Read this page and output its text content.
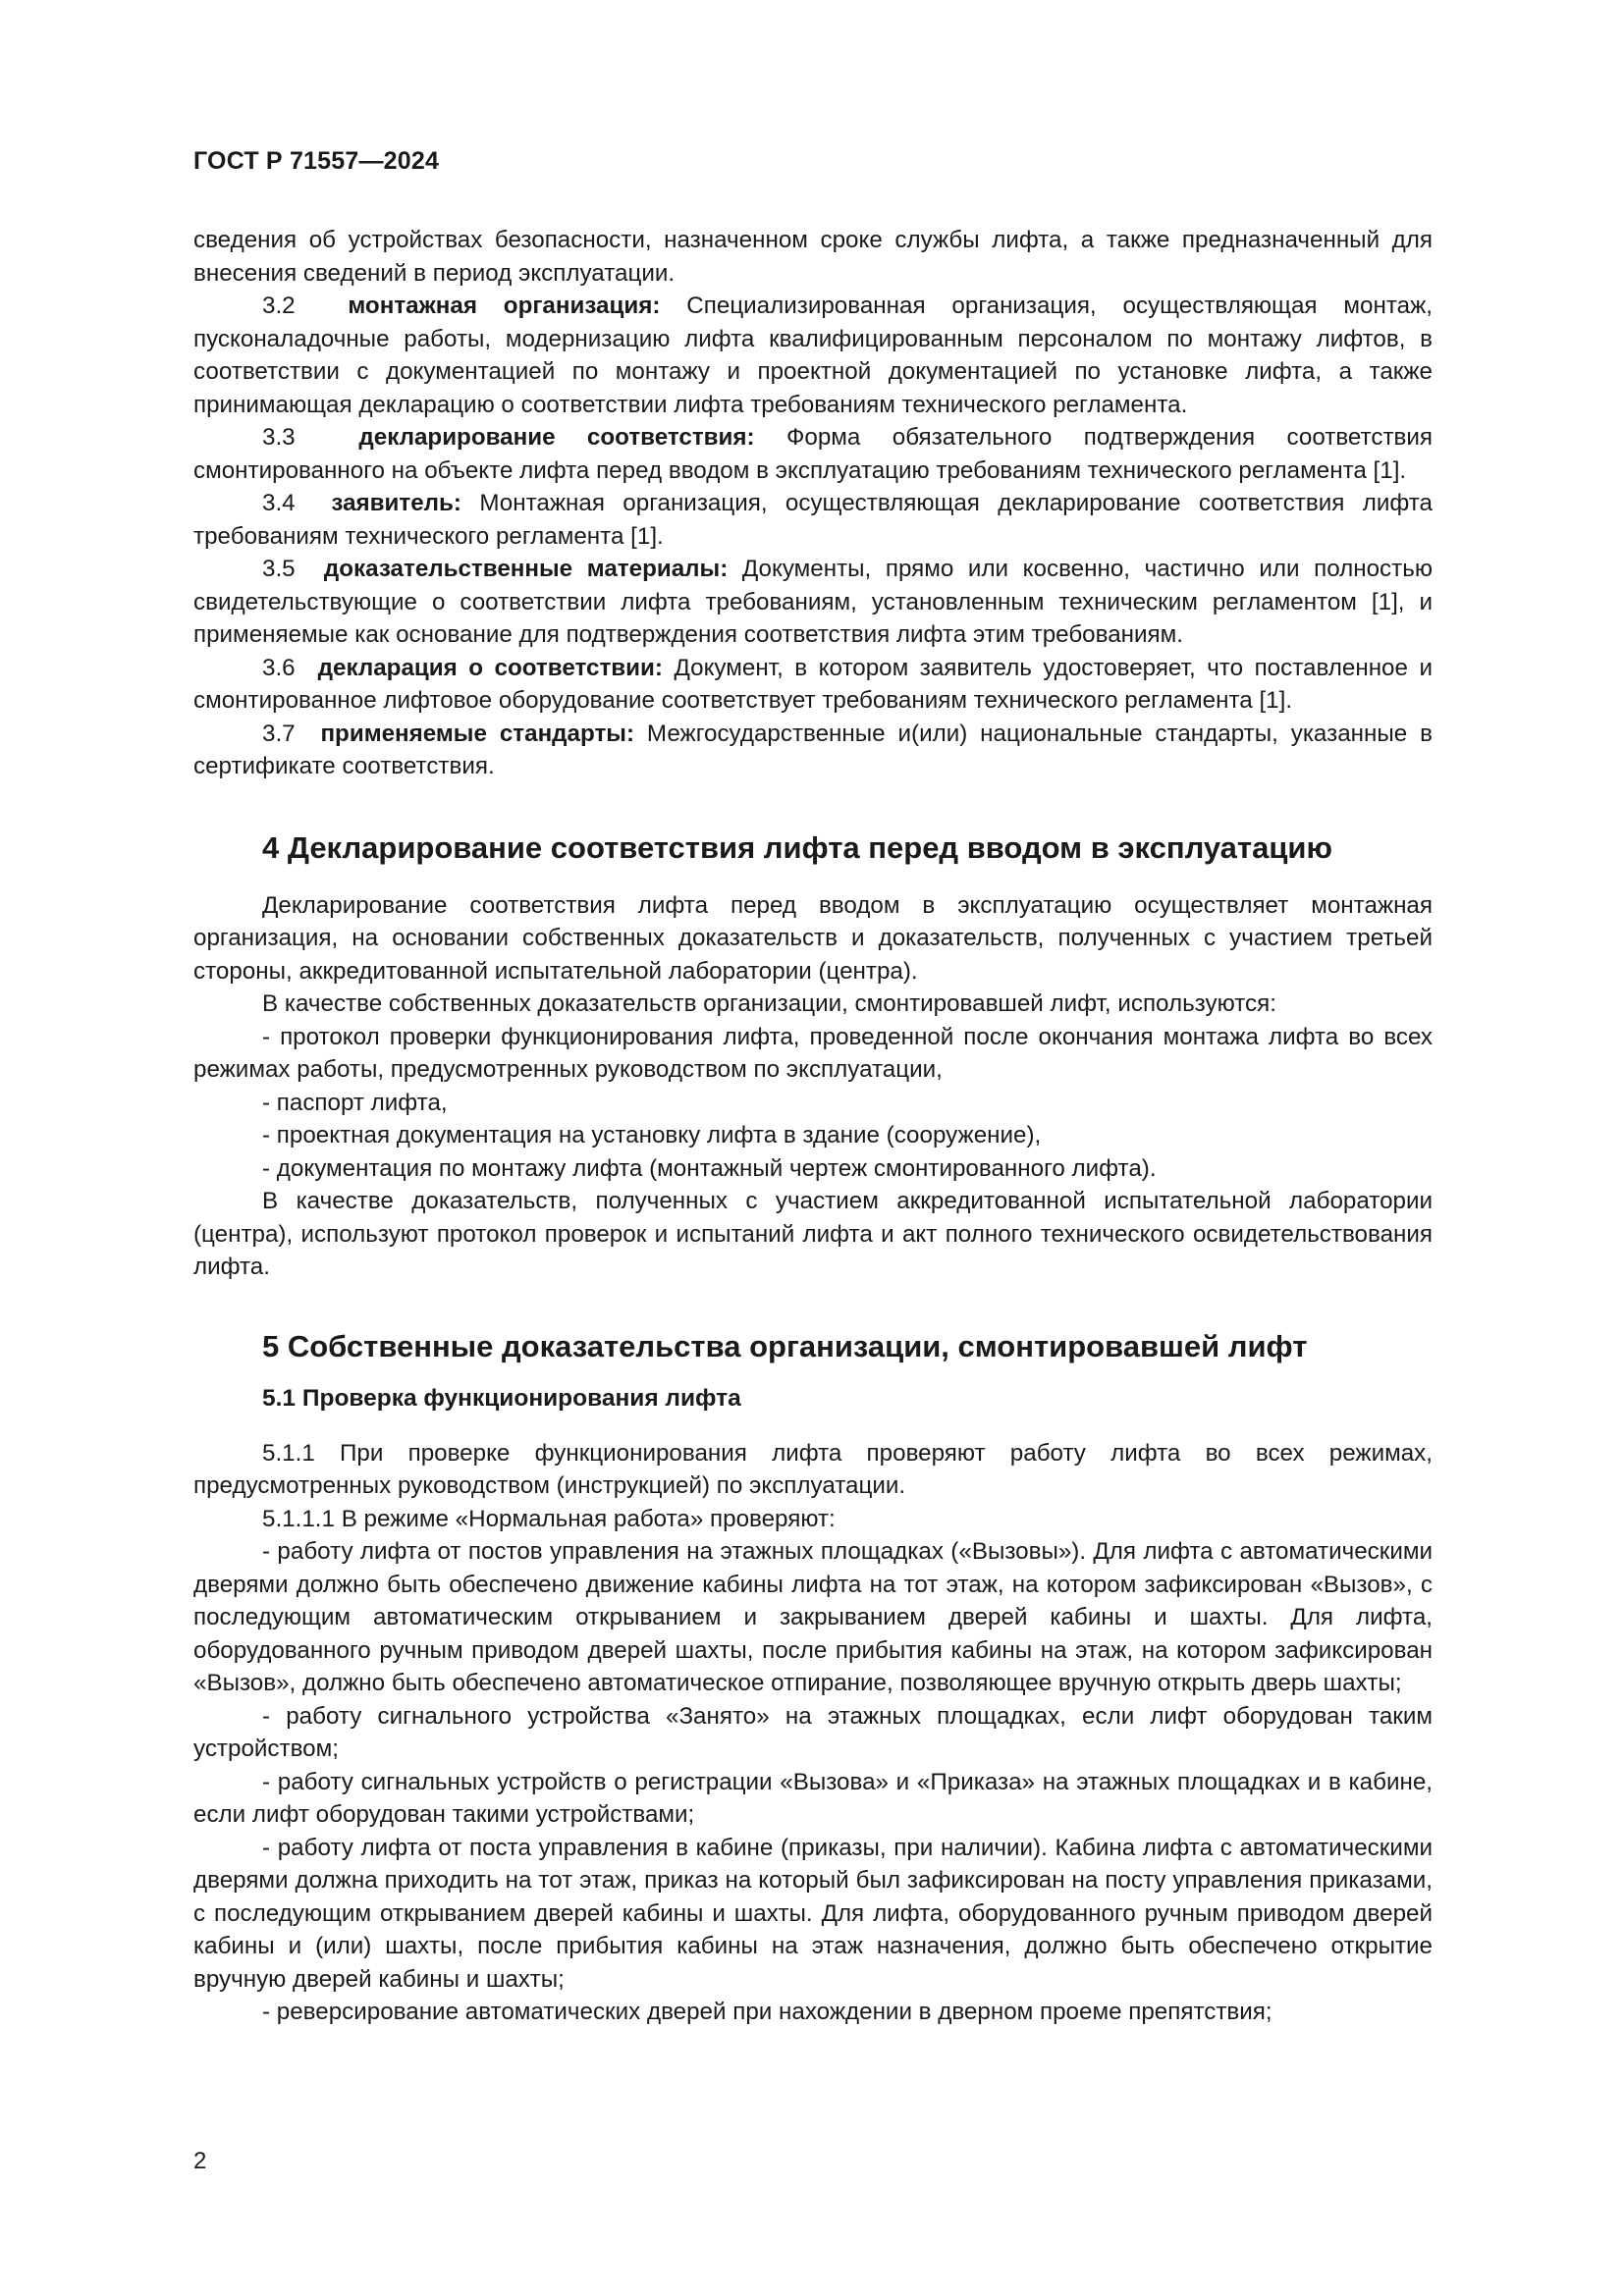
ГОСТ Р 71557—2024

сведения об устройствах безопасности, назначенном сроке службы лифта, а также предназначенный для внесения сведений в период эксплуатации.

3.2 монтажная организация: Специализированная организация, осуществляющая монтаж, пусконаладочные работы, модернизацию лифта квалифицированным персоналом по монтажу лифтов, в соответствии с документацией по монтажу и проектной документацией по установке лифта, а также принимающая декларацию о соответствии лифта требованиям технического регламента.

3.3	декларирование соответствия: Форма обязательного подтверждения соответствия смонтированного на объекте лифта перед вводом в эксплуатацию требованиям технического регламента [1].

3.4 заявитель: Монтажная организация, осуществляющая декларирование соответствия лифта требованиям технического регламента [1].

3.5 доказательственные материалы: Документы, прямо или косвенно, частично или полностью свидетельствующие о соответствии лифта требованиям, установленным техническим регламентом [1], и применяемые как основание для подтверждения соответствия лифта этим требованиям.

3.6 декларация о соответствии: Документ, в котором заявитель удостоверяет, что поставленное и смонтированное лифтовое оборудование соответствует требованиям технического регламента [1].

3.7 применяемые стандарты: Межгосударственные и(или) национальные стандарты, указанные в сертификате соответствия.

4 Декларирование соответствия лифта перед вводом в эксплуатацию

Декларирование соответствия лифта перед вводом в эксплуатацию осуществляет монтажная организация, на основании собственных доказательств и доказательств, полученных с участием третьей стороны, аккредитованной испытательной лаборатории (центра).

В качестве собственных доказательств организации, смонтировавшей лифт, используются:

- протокол проверки функционирования лифта, проведенной после окончания монтажа лифта во всех режимах работы, предусмотренных руководством по эксплуатации,

- паспорт лифта,

- проектная документация на установку лифта в здание (сооружение),

- документация по монтажу лифта (монтажный чертеж смонтированного лифта).

В качестве доказательств, полученных с участием аккредитованной испытательной лаборатории (центра), используют протокол проверок и испытаний лифта и акт полного технического освидетельствования лифта.

5 Собственные доказательства организации, смонтировавшей лифт
5.1 Проверка функционирования лифта

5.1.1 При проверке функционирования лифта проверяют работу лифта во всех режимах, предусмотренных руководством (инструкцией) по эксплуатации.

5.1.1.1 В режиме «Нормальная работа» проверяют:

- работу лифта от постов управления на этажных площадках («Вызовы»). Для лифта с автоматическими дверями должно быть обеспечено движение кабины лифта на тот этаж, на котором зафиксирован «Вызов», с последующим автоматическим открыванием и закрыванием дверей кабины и шахты. Для лифта, оборудованного ручным приводом дверей шахты, после прибытия кабины на этаж, на котором зафиксирован «Вызов», должно быть обеспечено автоматическое отпирание, позволяющее вручную открыть дверь шахты;

- работу сигнального устройства «Занято» на этажных площадках, если лифт оборудован таким устройством;

- работу сигнальных устройств о регистрации «Вызова» и «Приказа» на этажных площадках и в кабине, если лифт оборудован такими устройствами;

- работу лифта от поста управления в кабине (приказы, при наличии). Кабина лифта с автоматическими дверями должна приходить на тот этаж, приказ на который был зафиксирован на посту управления приказами, с последующим открыванием дверей кабины и шахты. Для лифта, оборудованного ручным приводом дверей кабины и (или) шахты, после прибытия кабины на этаж назначения, должно быть обеспечено открытие вручную дверей кабины и шахты;

- реверсирование автоматических дверей при нахождении в дверном проеме препятствия;

2
